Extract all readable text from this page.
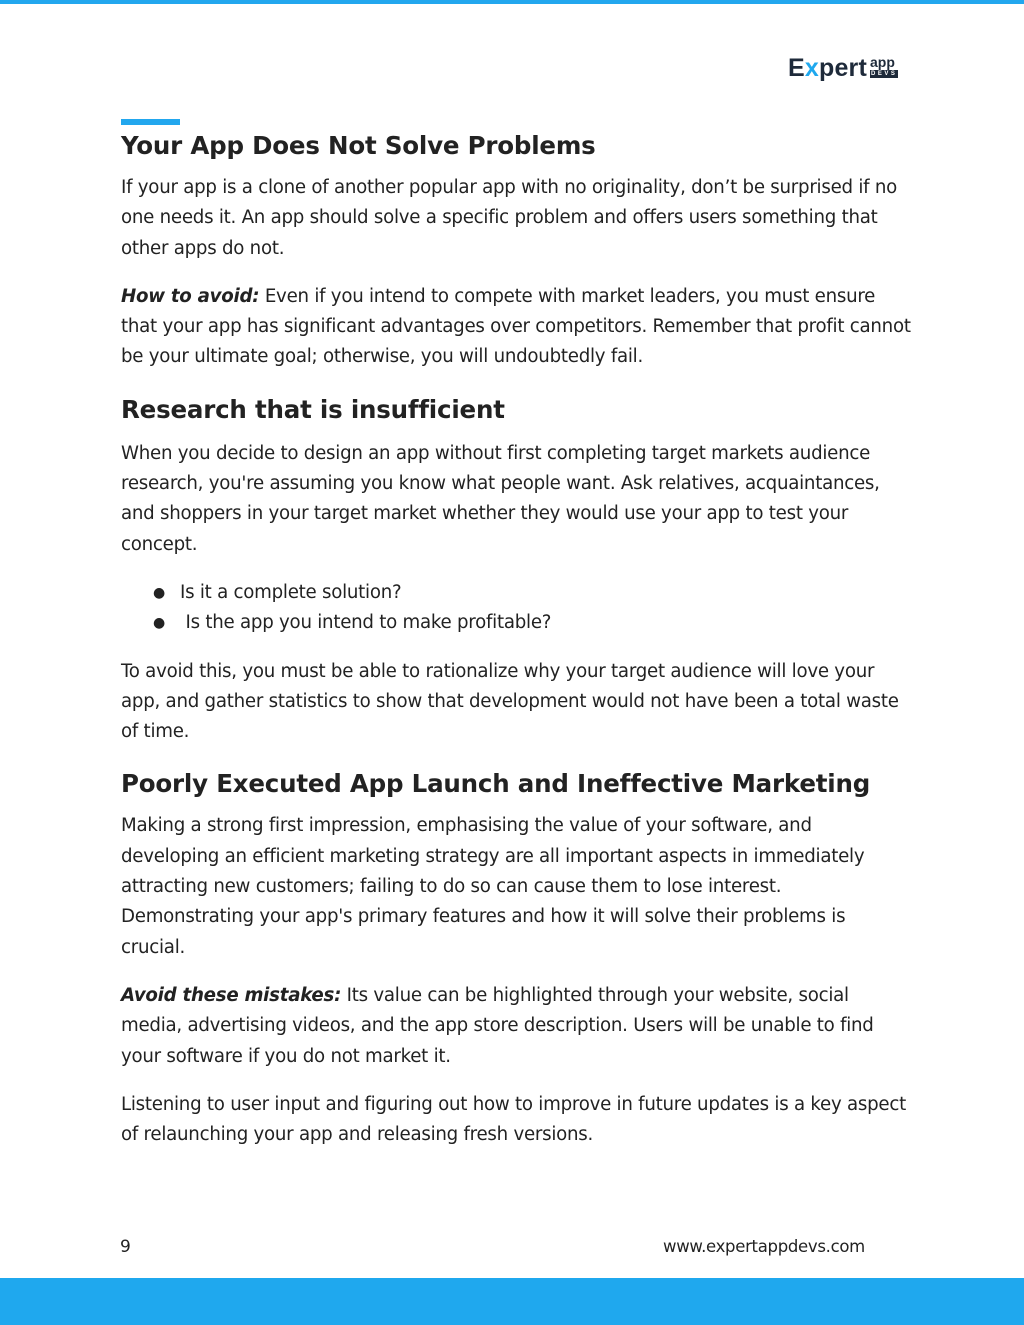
Expert app
DEVS
Your App Does Not Solve Problems

If your app is a clone of another popular app with no originality, don’t be surprised if no one needs it. An app should solve a specific problem and offers users something that other apps do not.

How to avoid: Even if you intend to compete with market leaders, you must ensure that your app has significant advantages over competitors. Remember that profit cannot be your ultimate goal; otherwise, you will undoubtedly fail.

Research that is insufficient

When you decide to design an app without first completing target markets audience research, you're assuming you know what people want. Ask relatives, acquaintances, and shoppers in your target market whether they would use your app to test your concept.

● Is it a complete solution?
● Is the app you intend to make profitable?

To avoid this, you must be able to rationalize why your target audience will love your app, and gather statistics to show that development would not have been a total waste of time.

Poorly Executed App Launch and Ineffective Marketing

Making a strong first impression, emphasising the value of your software, and developing an efficient marketing strategy are all important aspects in immediately attracting new customers; failing to do so can cause them to lose interest. Demonstrating your app's primary features and how it will solve their problems is crucial.

Avoid these mistakes: Its value can be highlighted through your website, social media, advertising videos, and the app store description. Users will be unable to find your software if you do not market it.

Listening to user input and figuring out how to improve in future updates is a key aspect of relaunching your app and releasing fresh versions.

9	www.expertappdevs.com
